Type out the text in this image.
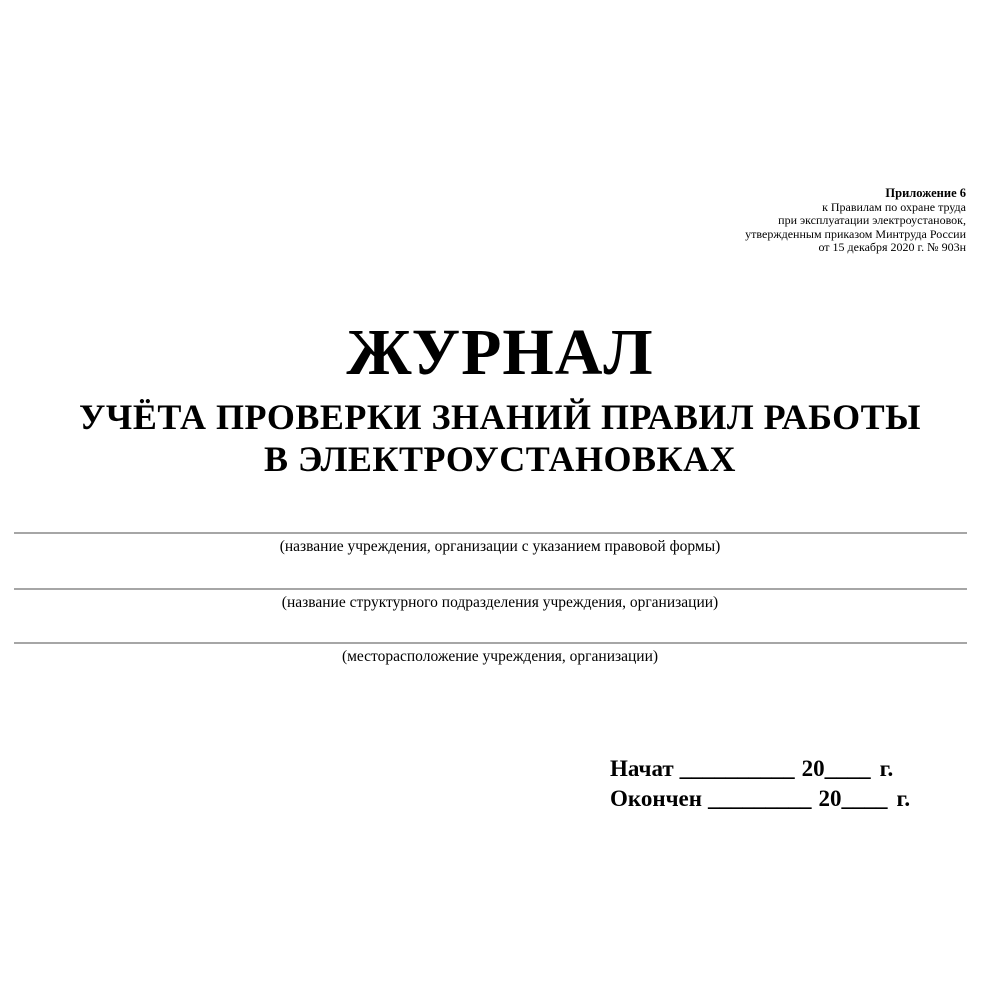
Приложение 6
к Правилам по охране труда
при эксплуатации электроустановок,
утвержденным приказом Минтруда России
от 15 декабря 2020 г. № 903н
ЖУРНАЛ
УЧЁТА ПРОВЕРКИ ЗНАНИЙ ПРАВИЛ РАБОТЫ
В ЭЛЕКТРОУСТАНОВКАХ
(название учреждения, организации с указанием правовой формы)
(название структурного подразделения учреждения, организации)
(месторасположение учреждения, организации)
Начат __________ 20____ г.
Окончен _________ 20____ г.
